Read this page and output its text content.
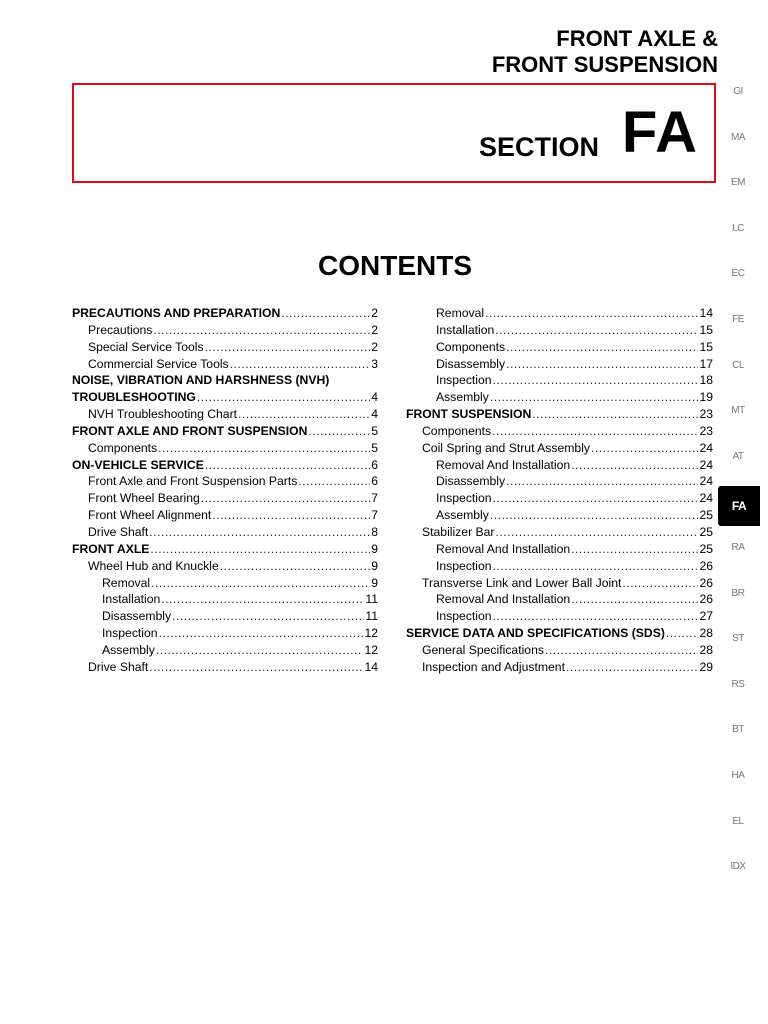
FRONT AXLE &
FRONT SUSPENSION
SECTION FA
CONTENTS
PRECAUTIONS AND PREPARATION .....	2
Precautions .....	2
Special Service Tools .....	2
Commercial Service Tools .....	3
NOISE, VIBRATION AND HARSHNESS (NVH)
TROUBLESHOOTING .....	4
NVH Troubleshooting Chart .....	4
FRONT AXLE AND FRONT SUSPENSION .....	5
Components .....	5
ON-VEHICLE SERVICE .....	6
Front Axle and Front Suspension Parts .....	6
Front Wheel Bearing .....	7
Front Wheel Alignment .....	7
Drive Shaft .....	8
FRONT AXLE .....	9
Wheel Hub and Knuckle .....	9
Removal .....	9
Installation .....	11
Disassembly .....	11
Inspection .....	12
Assembly .....	12
Drive Shaft .....	14
Removal .....	14
Installation .....	15
Components .....	15
Disassembly .....	17
Inspection .....	18
Assembly .....	19
FRONT SUSPENSION .....	23
Components .....	23
Coil Spring and Strut Assembly .....	24
Removal And Installation .....	24
Disassembly .....	24
Inspection .....	24
Assembly .....	25
Stabilizer Bar .....	25
Removal And Installation .....	25
Inspection .....	26
Transverse Link and Lower Ball Joint .....	26
Removal And Installation .....	26
Inspection .....	27
SERVICE DATA AND SPECIFICATIONS (SDS) .....	28
General Specifications .....	28
Inspection and Adjustment .....	29
GI
MA
EM
LC
EC
FE
CL
MT
AT
FA
RA
BR
ST
RS
BT
HA
EL
IDX
